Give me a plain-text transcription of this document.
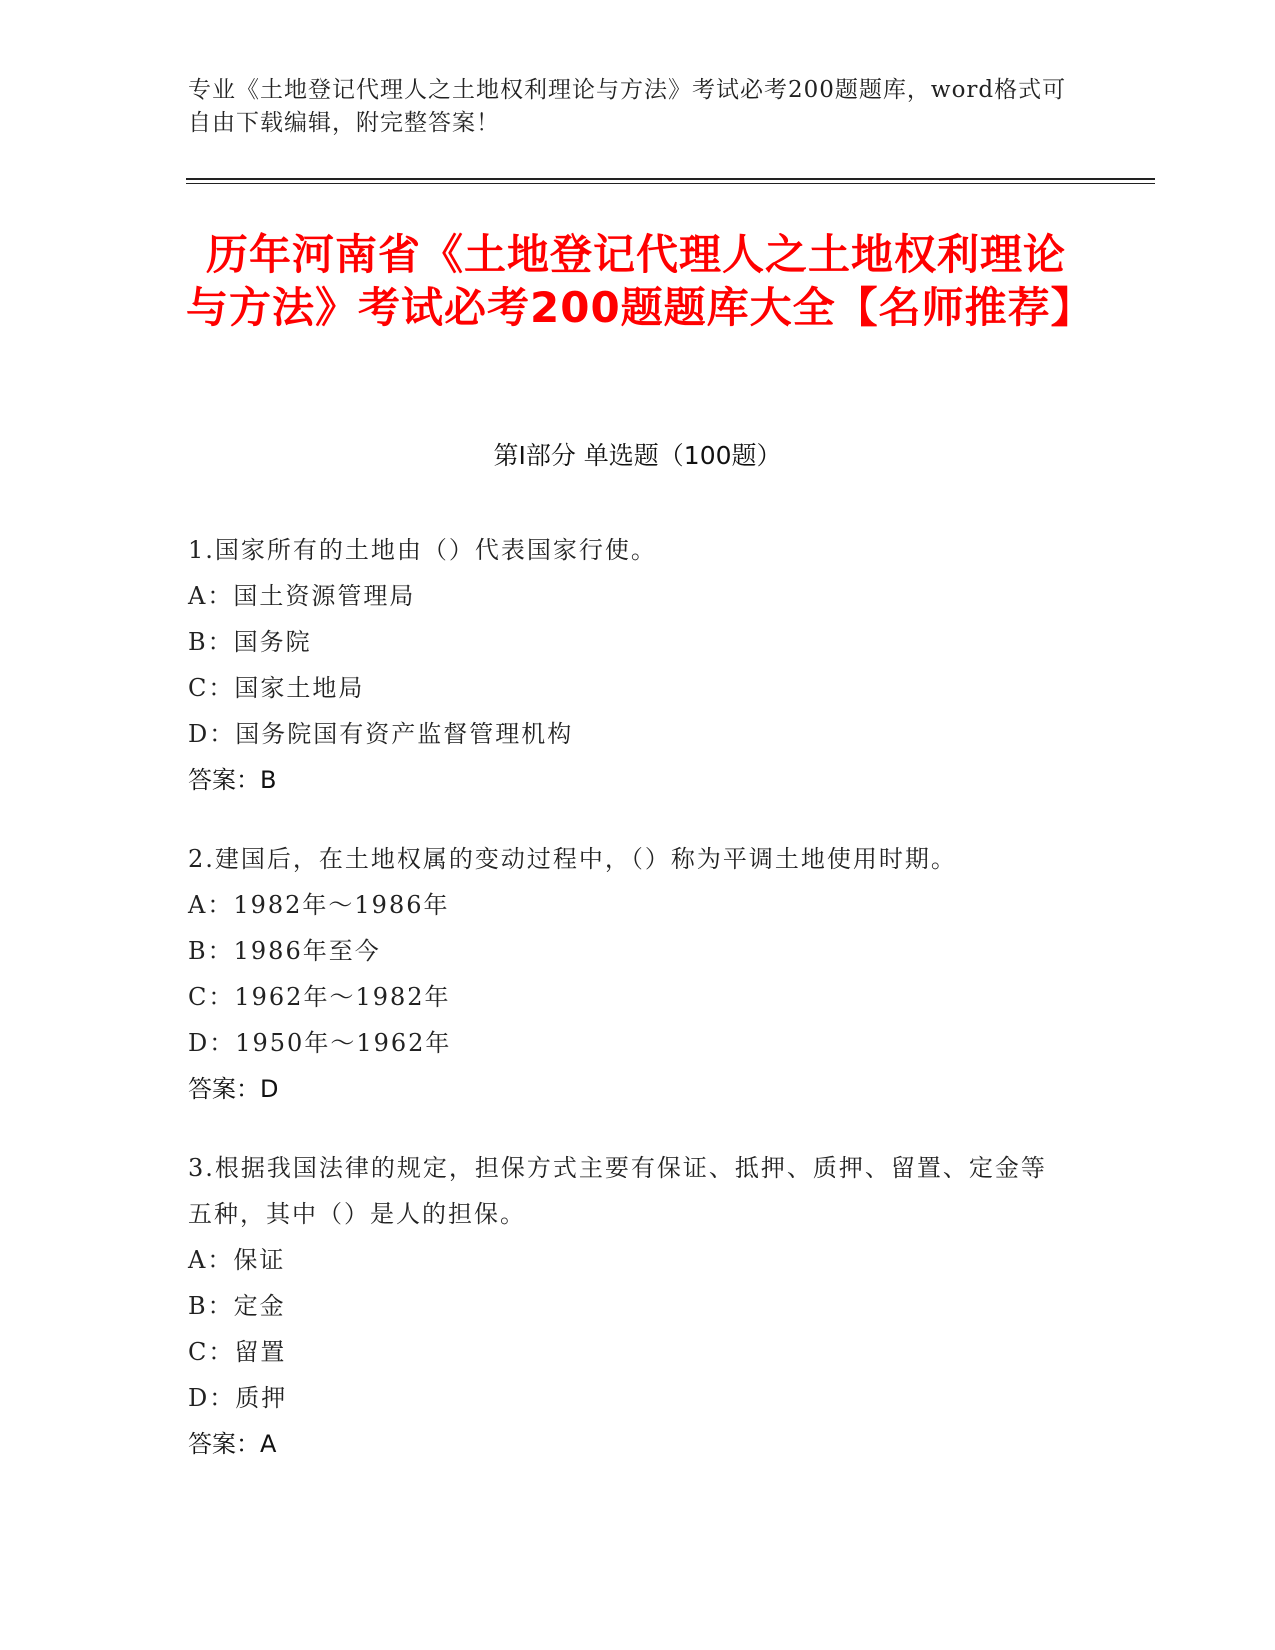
专业《土地登记代理人之土地权利理论与方法》考试必考200题题库，word格式可自由下载编辑，附完整答案！
历年河南省《土地登记代理人之土地权利理论与方法》考试必考200题题库大全【名师推荐】
第I部分 单选题（100题）
1.国家所有的土地由（）代表国家行使。
A：国土资源管理局
B：国务院
C：国家土地局
D：国务院国有资产监督管理机构
答案：B
2.建国后，在土地权属的变动过程中，（）称为平调土地使用时期。
A：1982年～1986年
B：1986年至今
C：1962年～1982年
D：1950年～1962年
答案：D
3.根据我国法律的规定，担保方式主要有保证、抵押、质押、留置、定金等五种，其中（）是人的担保。
A：保证
B：定金
C：留置
D：质押
答案：A
